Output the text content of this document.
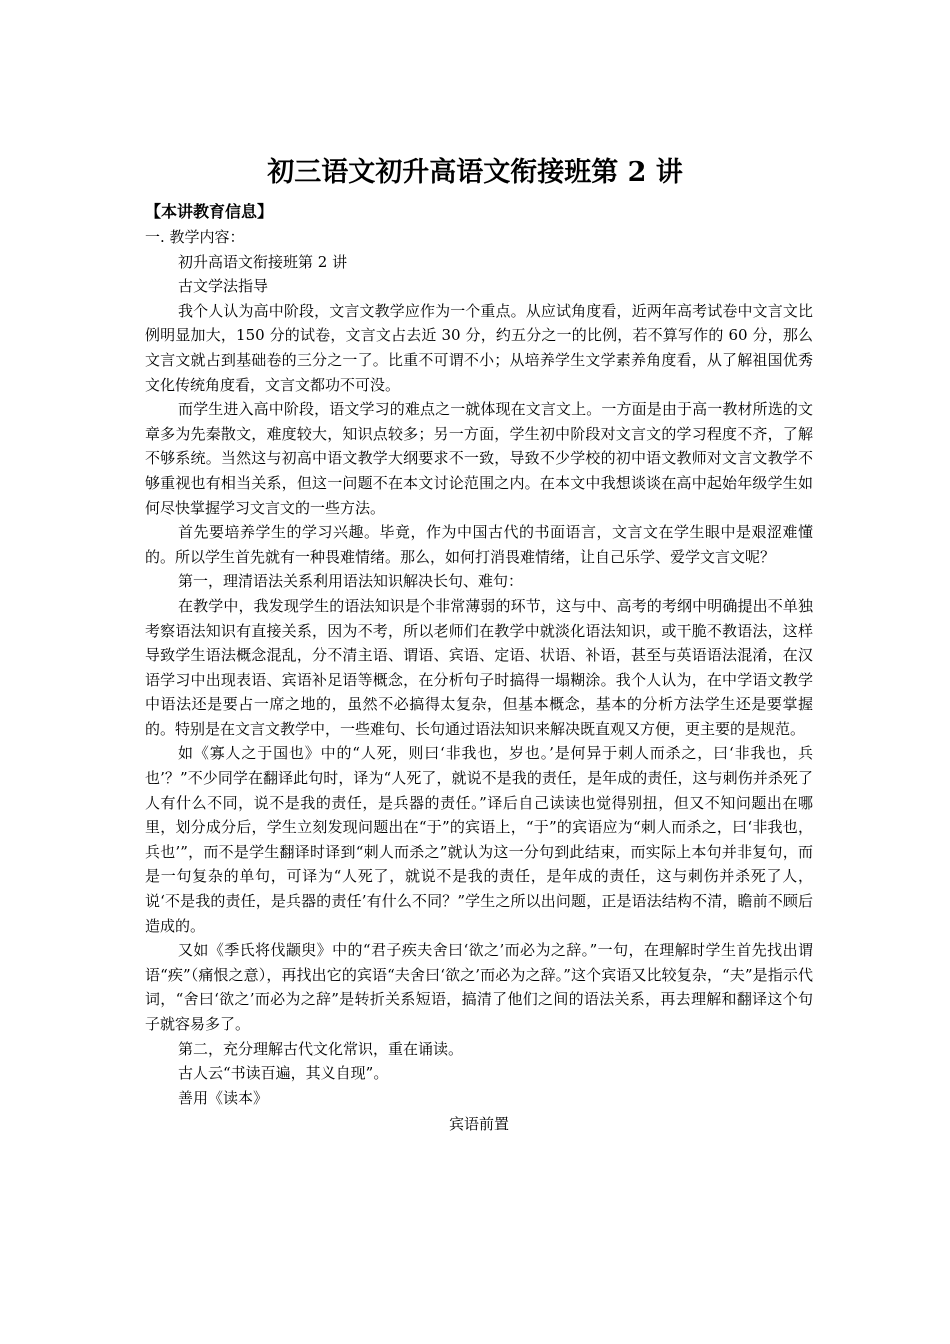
初三语文初升高语文衔接班第 2 讲

【本讲教育信息】

一. 教学内容：

初升高语文衔接班第 2 讲

古文学法指导

我个人认为高中阶段，文言文教学应作为一个重点。从应试角度看，近两年高考试卷中文言文比例明显加大，150 分的试卷，文言文占去近 30 分，约五分之一的比例，若不算写作的 60 分，那么文言文就占到基础卷的三分之一了。比重不可谓不小；从培养学生文学素养角度看，从了解祖国优秀文化传统角度看，文言文都功不可没。

而学生进入高中阶段，语文学习的难点之一就体现在文言文上。一方面是由于高一教材所选的文章多为先秦散文，难度较大，知识点较多；另一方面，学生初中阶段对文言文的学习程度不齐，了解不够系统。当然这与初高中语文教学大纲要求不一致，导致不少学校的初中语文教师对文言文教学不够重视也有相当关系，但这一问题不在本文讨论范围之内。在本文中我想谈谈在高中起始年级学生如何尽快掌握学习文言文的一些方法。

首先要培养学生的学习兴趣。毕竟，作为中国古代的书面语言，文言文在学生眼中是艰涩难懂的。所以学生首先就有一种畏难情绪。那么，如何打消畏难情绪，让自己乐学、爱学文言文呢？

第一，理清语法关系利用语法知识解决长句、难句：

在教学中，我发现学生的语法知识是个非常薄弱的环节，这与中、高考的考纲中明确提出不单独考察语法知识有直接关系，因为不考，所以老师们在教学中就淡化语法知识，或干脆不教语法，这样导致学生语法概念混乱，分不清主语、谓语、宾语、定语、状语、补语，甚至与英语语法混淆，在汉语学习中出现表语、宾语补足语等概念，在分析句子时搞得一塌糊涂。我个人认为，在中学语文教学中语法还是要占一席之地的，虽然不必搞得太复杂，但基本概念，基本的分析方法学生还是要掌握的。特别是在文言文教学中，一些难句、长句通过语法知识来解决既直观又方便，更主要的是规范。

如《寡人之于国也》中的“人死，则曰‘非我也，岁也。’是何异于刺人而杀之，曰‘非我也，兵也’？”不少同学在翻译此句时，译为“人死了，就说不是我的责任，是年成的责任，这与刺伤并杀死了人有什么不同，说不是我的责任，是兵器的责任。”译后自己读读也觉得别扭，但又不知问题出在哪里，划分成分后，学生立刻发现问题出在“于”的宾语上，“于”的宾语应为“刺人而杀之，曰‘非我也，兵也’”，而不是学生翻译时译到“刺人而杀之”就认为这一分句到此结束，而实际上本句并非复句，而是一句复杂的单句，可译为“人死了，就说不是我的责任，是年成的责任，这与刺伤并杀死了人，说‘不是我的责任，是兵器的责任’有什么不同？”学生之所以出问题，正是语法结构不清，瞻前不顾后造成的。

又如《季氏将伐颛臾》中的“君子疾夫舍曰‘欲之’而必为之辞。”一句，在理解时学生首先找出谓语“疾”（痛恨之意），再找出它的宾语“夫舍曰‘欲之’而必为之辞。”这个宾语又比较复杂，“夫”是指示代词，“舍曰‘欲之’而必为之辞”是转折关系短语，搞清了他们之间的语法关系，再去理解和翻译这个句子就容易多了。

第二，充分理解古代文化常识，重在诵读。

古人云“书读百遍，其义自现”。

善用《读本》

宾语前置
